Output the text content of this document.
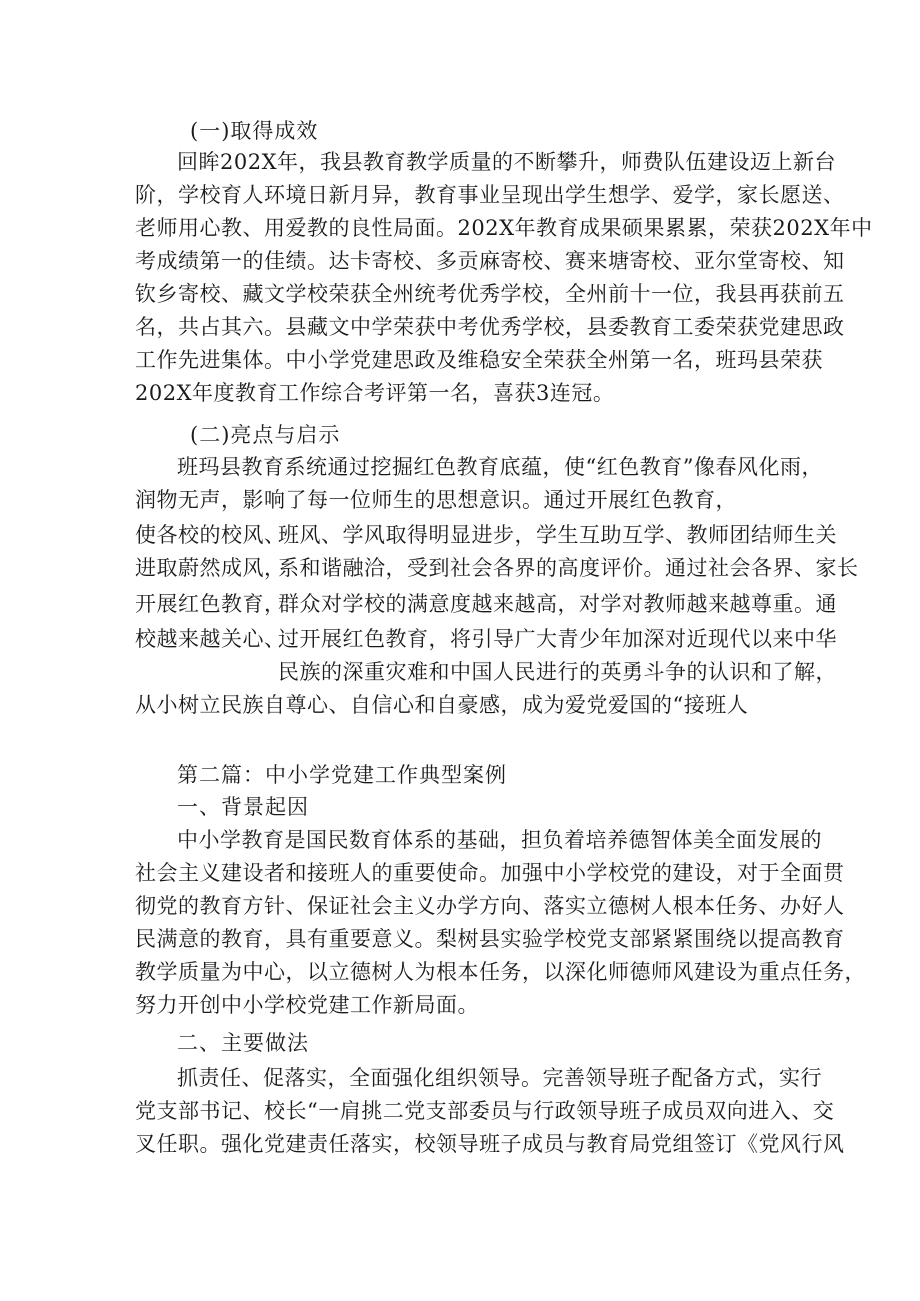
(一)取得成效
回眸202X年，我县教育教学质量的不断攀升，师费队伍建设迈上新台
阶，学校育人环境日新月异，教育事业呈现出学生想学、爱学，家长愿送、
老师用心教、用爱教的良性局面。202X年教育成果硕果累累，荣获202X年中
考成绩第一的佳绩。达卡寄校、多贡麻寄校、赛来塘寄校、亚尔堂寄校、知
钦乡寄校、藏文学校荣获全州统考优秀学校，全州前十一位，我县再获前五
名，共占其六。县藏文中学荣获中考优秀学校，县委教育工委荣获党建思政
工作先进集体。中小学党建思政及维稳安全荣获全州第一名，班玛县荣获
202X年度教育工作综合考评第一名，喜获3连冠。
(二)亮点与启示
班玛县教育系统通过挖掘红色教育底蕴，使“红色教育”像春风化雨，
润物无声，影响了每一位师生的思想意识。通过开展红色教育，
使各校的校风、
进取蔚然成风，
开展红色教育，
校越来越关心、
班风、学风取得明显进步，学生互助互学、教师团结师生关
系和谐融洽，受到社会各界的高度评价。通过社会各界、家长
群众对学校的满意度越来越高，对学对教师越来越尊重。通
过开展红色教育，将引导广大青少年加深对近现代以来中华
民族的深重灾难和中国人民进行的英勇斗争的认识和了解，
从小树立民族自尊心、自信心和自豪感，成为爱党爱国的“接班人
第二篇：中小学党建工作典型案例
一、背景起因
中小学教育是国民数育体系的基础，担负着培养德智体美全面发展的
社会主义建设者和接班人的重要使命。加强中小学校党的建设，对于全面贯
彻党的教育方针、保证社会主义办学方向、落实立德树人根本任务、办好人
民满意的教育，具有重要意义。梨树县实验学校党支部紧紧围绕以提高教育
教学质量为中心，以立德树人为根本任务，以深化师德师风建设为重点任务，
努力开创中小学校党建工作新局面。
二、主要做法
抓责任、促落实，全面强化组织领导。完善领导班子配备方式，实行
党支部书记、校长“一肩挑二党支部委员与行政领导班子成员双向进入、交
叉任职。强化党建责任落实，校领导班子成员与教育局党组签订《党风行风
